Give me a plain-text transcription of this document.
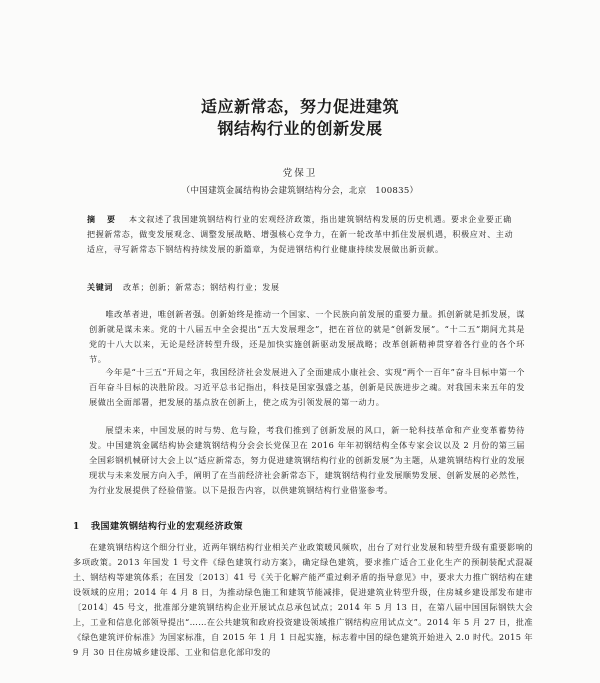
适应新常态，努力促进建筑
钢结构行业的创新发展
党保卫
（中国建筑金属结构协会建筑钢结构分会，北京　100835）
摘　要 本文叙述了我国建筑钢结构行业的宏观经济政策，指出建筑钢结构发展的历史机遇。要求企业要正确把握新常态，做变发展观念、调整发展战略、增强核心竞争力，在新一轮改革中抓住发展机遇，积极应对、主动适应，寻写新常态下钢结构持续发展的新篇章，为促进钢结构行业健康持续发展做出新贡献。
关键词 改革；创新；新常态；钢结构行业；发展

唯改革者进，唯创新者强。创新始终是推动一个国家、一个民族向前发展的重要力量。抓创新就是抓发展，谋创新就是谋未来。党的十八届五中全会提出“五大发展理念”，把在首位的就是“创新发展”。“十二五”期间尤其是党的十八大以来，无论是经济转型升级，还是加快实施创新驱动发展战略；改革创新精神贯穿着各行业的各个环节。

今年是“十三五”开局之年，我国经济社会发展进入了全面建成小康社会、实现“两个一百年”奋斗目标中第一个百年奋斗目标的决胜阶段。习近平总书记指出，科技是国家强盛之基，创新是民族进步之魂。对我国未来五年的发展做出全面部署，把发展的基点放在创新上，使之成为引领发展的第一动力。

展望未来，中国发展的时与势、危与险，考我们推到了创新发展的风口，新一轮科技革命和产业变革蓄势待发。中国建筑金属结构协会建筑钢结构分会会长党保卫在 2016 年年初钢结构全体专家会议以及 2 月份的第三届全国彩钢机械研讨大会上以“适应新常态，努力促进建筑钢结构行业的创新发展”为主题，从建筑钢结构行业的发展现状与未来发展方向入手，阐明了在当前经济社会新常态下，建筑钢结构行业发展顺势发展、创新发展的必然性，为行业发展提供了经验借鉴。以下是报告内容，以供建筑钢结构行业借鉴参考。

1 我国建筑钢结构行业的宏观经济政策

在建筑钢结构这个细分行业，近两年钢结构行业相关产业政策暖风频吹，出台了对行业发展和转型升级有重要影响的多项政策。2013 年国发 1 号文件《绿色建筑行动方案》，确定绿色建筑，要求推广适合工业化生产的预制装配式混凝土、钢结构等建筑体系；在国发〔2013〕41 号《关于化解产能严重过剩矛盾的指导意见》中，要求大力推广钢结构在建设领域的应用；2014 年 4 月 8 日，为推动绿色施工和建筑节能减排，促进建筑业转型升级，住房城乡建设部发布建市〔2014〕45 号文，批准部分建筑钢结构企业开展试点总承包试点；2014 年 5 月 13 日，在第八届中国国际钢铁大会上，工业和信息化部领导提出“……在公共建筑和政府投资建设领域推广钢结构应用试点文”。2014 年 5 月 27 日，批准《绿色建筑评价标准》为国家标准，自 2015 年 1 月 1 日起实施，标志着中国的绿色建筑开始进入 2.0 时代。2015 年 9 月 30 日住房城乡建设部、工业和信息化部印发的
